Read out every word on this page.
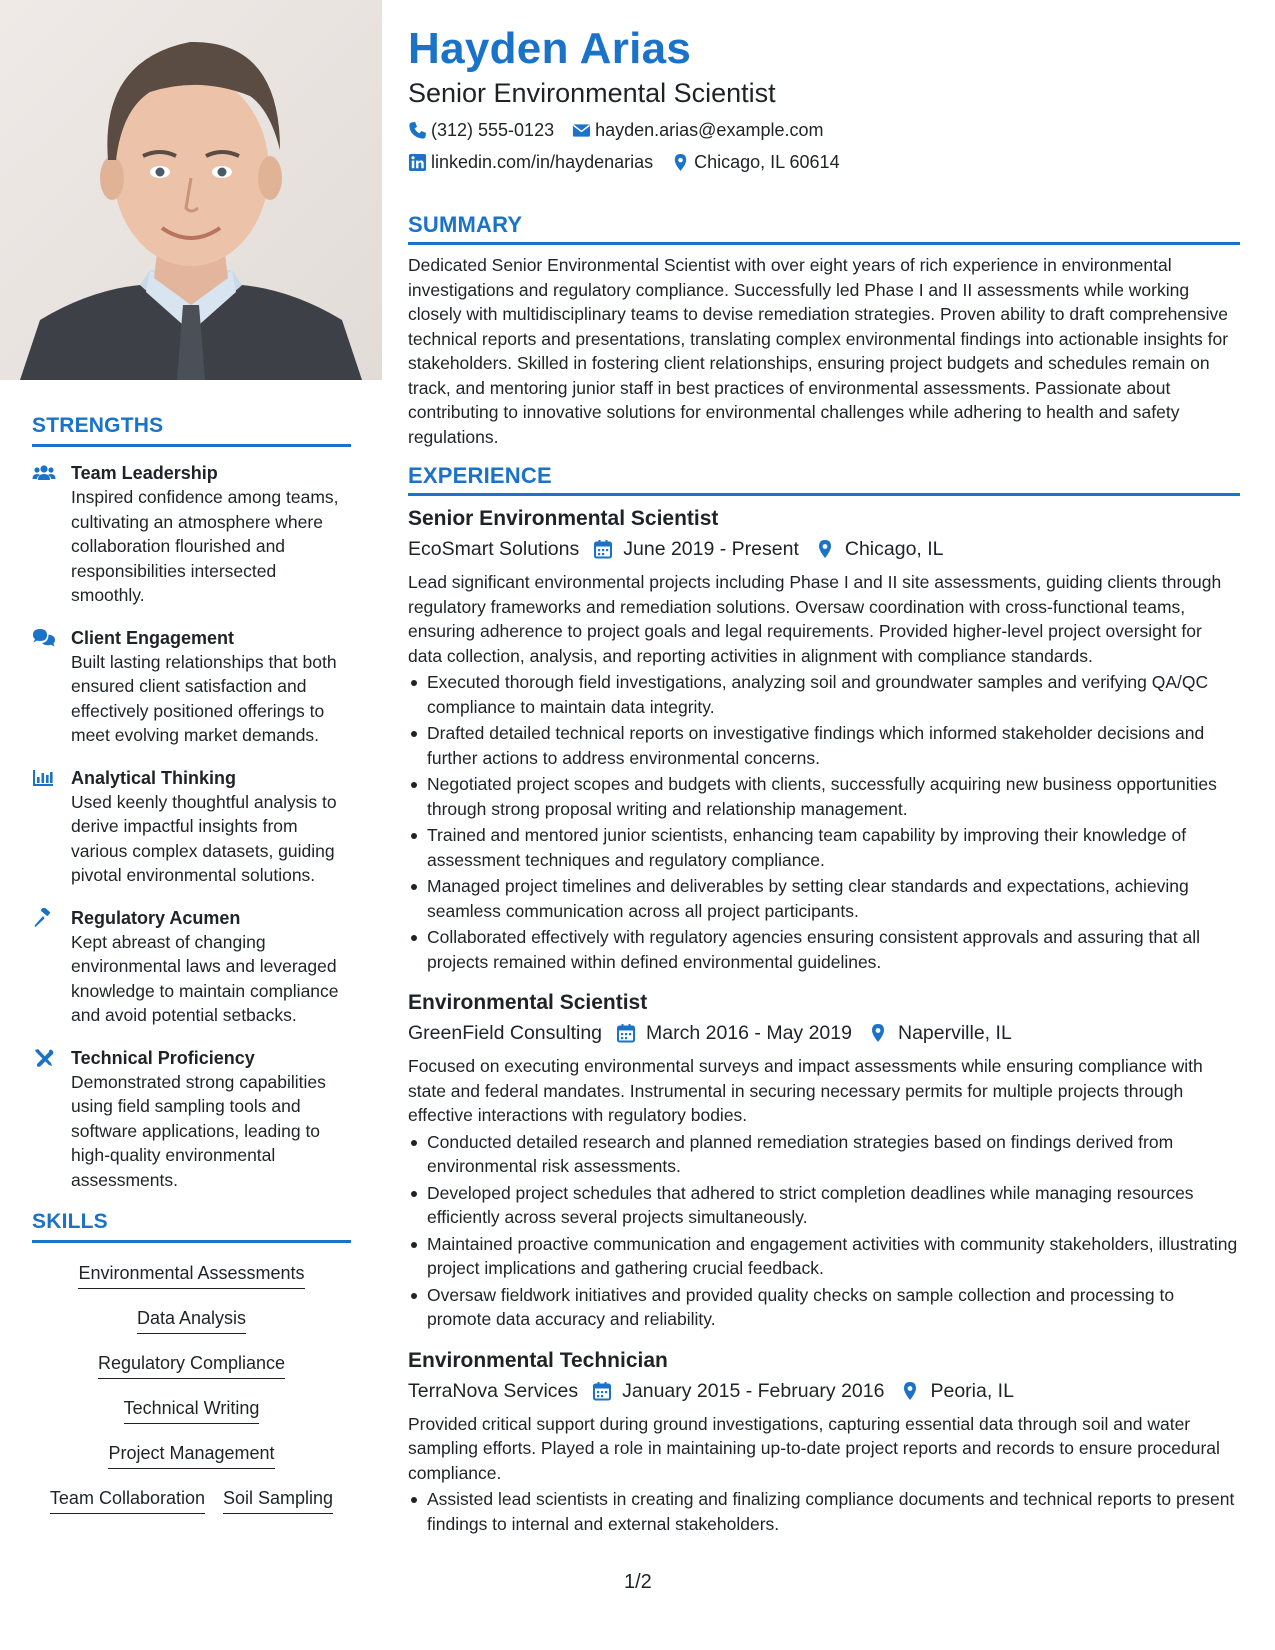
STRENGTHS
Team Leadership
Inspired confidence among teams, cultivating an atmosphere where collaboration flourished and responsibilities intersected smoothly.
Client Engagement
Built lasting relationships that both ensured client satisfaction and effectively positioned offerings to meet evolving market demands.
Analytical Thinking
Used keenly thoughtful analysis to derive impactful insights from various complex datasets, guiding pivotal environmental solutions.
Regulatory Acumen
Kept abreast of changing environmental laws and leveraged knowledge to maintain compliance and avoid potential setbacks.
Technical Proficiency
Demonstrated strong capabilities using field sampling tools and software applications, leading to high-quality environmental assessments.
SKILLS
Environmental Assessments
Data Analysis
Regulatory Compliance
Technical Writing
Project Management
Team Collaboration Soil Sampling
Hayden Arias
Senior Environmental Scientist
(312) 555-0123 hayden.arias@example.com
linkedin.com/in/haydenarias Chicago, IL 60614
SUMMARY
Dedicated Senior Environmental Scientist with over eight years of rich experience in environmental investigations and regulatory compliance. Successfully led Phase I and II assessments while working closely with multidisciplinary teams to devise remediation strategies. Proven ability to draft comprehensive technical reports and presentations, translating complex environmental findings into actionable insights for stakeholders. Skilled in fostering client relationships, ensuring project budgets and schedules remain on track, and mentoring junior staff in best practices of environmental assessments. Passionate about contributing to innovative solutions for environmental challenges while adhering to health and safety regulations.
EXPERIENCE
Senior Environmental Scientist
EcoSmart Solutions June 2019 - Present Chicago, IL
Lead significant environmental projects including Phase I and II site assessments, guiding clients through regulatory frameworks and remediation solutions. Oversaw coordination with cross-functional teams, ensuring adherence to project goals and legal requirements. Provided higher-level project oversight for data collection, analysis, and reporting activities in alignment with compliance standards.
Executed thorough field investigations, analyzing soil and groundwater samples and verifying QA/QC compliance to maintain data integrity.
Drafted detailed technical reports on investigative findings which informed stakeholder decisions and further actions to address environmental concerns.
Negotiated project scopes and budgets with clients, successfully acquiring new business opportunities through strong proposal writing and relationship management.
Trained and mentored junior scientists, enhancing team capability by improving their knowledge of assessment techniques and regulatory compliance.
Managed project timelines and deliverables by setting clear standards and expectations, achieving seamless communication across all project participants.
Collaborated effectively with regulatory agencies ensuring consistent approvals and assuring that all projects remained within defined environmental guidelines.
Environmental Scientist
GreenField Consulting March 2016 - May 2019 Naperville, IL
Focused on executing environmental surveys and impact assessments while ensuring compliance with state and federal mandates. Instrumental in securing necessary permits for multiple projects through effective interactions with regulatory bodies.
Conducted detailed research and planned remediation strategies based on findings derived from environmental risk assessments.
Developed project schedules that adhered to strict completion deadlines while managing resources efficiently across several projects simultaneously.
Maintained proactive communication and engagement activities with community stakeholders, illustrating project implications and gathering crucial feedback.
Oversaw fieldwork initiatives and provided quality checks on sample collection and processing to promote data accuracy and reliability.
Environmental Technician
TerraNova Services January 2015 - February 2016 Peoria, IL
Provided critical support during ground investigations, capturing essential data through soil and water sampling efforts. Played a role in maintaining up-to-date project reports and records to ensure procedural compliance.
Assisted lead scientists in creating and finalizing compliance documents and technical reports to present findings to internal and external stakeholders.
1/2
